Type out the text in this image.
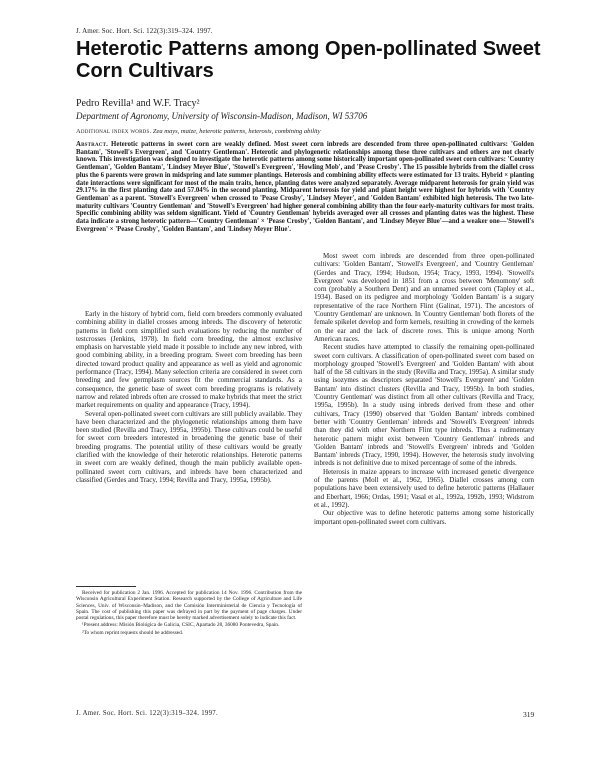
J. Amer. Soc. Hort. Sci. 122(3):319–324. 1997.
Heterotic Patterns among Open-pollinated Sweet Corn Cultivars
Pedro Revilla¹ and W.F. Tracy²
Department of Agronomy, University of Wisconsin-Madison, Madison, WI 53706
Additional index words. Zea mays, maize, heterotic patterns, heterosis, combining ability
Abstract. Heterotic patterns in sweet corn are weakly defined. Most sweet corn inbreds are descended from three open-pollinated cultivars: 'Golden Bantam', 'Stowell's Evergreen', and 'Country Gentleman'. Heterotic and phylogenetic relationships among these three cultivars and others are not clearly known. This investigation was designed to investigate the heterotic patterns among some historically important open-pollinated sweet corn cultivars: 'Country Gentleman', 'Golden Bantam', 'Lindsey Meyer Blue', 'Stowell's Evergreen', 'Howling Mob', and 'Pease Crosby'. The 15 possible hybrids from the diallel cross plus the 6 parents were grown in midspring and late summer plantings. Heterosis and combining ability effects were estimated for 13 traits. Hybrid × planting date interactions were significant for most of the main traits, hence, planting dates were analyzed separately. Average midparent heterosis for grain yield was 29.17% in the first planting date and 57.04% in the second planting. Midparent heterosis for yield and plant height were highest for hybrids with 'Country Gentleman' as a parent. 'Stowell's Evergreen' when crossed to 'Pease Crosby', 'Lindsey Meyer', and 'Golden Bantam' exhibited high heterosis. The two late-maturity cultivars 'Country Gentleman' and 'Stowell's Evergreen' had higher general combining ability than the four early-maturity cultivars for most traits. Specific combining ability was seldom significant. Yield of 'Country Gentleman' hybrids averaged over all crosses and planting dates was the highest. These data indicate a strong heterotic pattern—'Country Gentleman' × 'Pease Crosby', 'Golden Bantam', and 'Lindsey Meyer Blue'—and a weaker one—'Stowell's Evergreen' × 'Pease Crosby', 'Golden Bantam', and 'Lindsey Meyer Blue'.

Early in the history of hybrid corn, field corn breeders commonly evaluated combining ability in diallel crosses among inbreds. The discovery of heterotic patterns in field corn simplified such evaluations by reducing the number of testcrosses (Jenkins, 1978). In field corn breeding, the almost exclusive emphasis on harvestable yield made it possible to include any new inbred, with good combining ability, in a breeding program. Sweet corn breeding has been directed toward product quality and appearance as well as yield and agronomic performance (Tracy, 1994). Many selection criteria are considered in sweet corn breeding and few germplasm sources fit the commercial standards. As a consequence, the genetic base of sweet corn breeding programs is relatively narrow and related inbreds often are crossed to make hybrids that meet the strict market requirements on quality and appearance (Tracy, 1994).

Several open-pollinated sweet corn cultivars are still publicly available. They have been characterized and the phylogenetic relationships among them have been studied (Revilla and Tracy, 1995a, 1995b). These cultivars could be useful for sweet corn breeders interested in broadening the genetic base of their breeding programs. The potential utility of these cultivars would be greatly clarified with the knowledge of their heterotic relationships. Heterotic patterns in sweet corn are weakly defined, though the main publicly available open-pollinated sweet corn cultivars, and inbreds have been characterized and classified (Gerdes and Tracy, 1994; Revilla and Tracy, 1995a, 1995b).

Received for publication 2 Jan. 1996. Accepted for publication 14 Nov. 1996. Contribution from the Wisconsin Agricultural Experiment Station. Research supported by the College of Agriculture and Life Sciences, Univ. of Wisconsin–Madison, and the Comisión Interministerial de Ciencia y Tecnología of Spain. The cost of publishing this paper was defrayed in part by the payment of page charges. Under postal regulations, this paper therefore must be hereby marked advertisement solely to indicate this fact.

¹Present address: Misión Biológica de Galicia, CSIC, Apartado 28, 36080 Pontevedra, Spain.

²To whom reprint requests should be addressed.

Most sweet corn inbreds are descended from three open-pollinated cultivars: 'Golden Bantam', 'Stowell's Evergreen', and 'Country Gentleman' (Gerdes and Tracy, 1994; Hudson, 1954; Tracy, 1993, 1994). 'Stowell's Evergreen' was developed in 1851 from a cross between 'Menomony' soft corn (probably a Southern Dent) and an unnamed sweet corn (Tapley et al., 1934). Based on its pedigree and morphology 'Golden Bantam' is a sugary representative of the race Northern Flint (Galinat, 1971). The ancestors of 'Country Gentleman' are unknown. In 'Country Gentleman' both florets of the female spikelet develop and form kernels, resulting in crowding of the kernels on the ear and the lack of discrete rows. This is unique among North American races.

Recent studies have attempted to classify the remaining open-pollinated sweet corn cultivars. A classification of open-pollinated sweet corn based on morphology grouped 'Stowell's Evergreen' and 'Golden Bantam' with about half of the 58 cultivars in the study (Revilla and Tracy, 1995a). A similar study using isozymes as descriptors separated 'Stowell's Evergreen' and 'Golden Bantam' into distinct clusters (Revilla and Tracy, 1995b). In both studies, 'Country Gentleman' was distinct from all other cultivars (Revilla and Tracy, 1995a, 1995b). In a study using inbreds derived from these and other cultivars, Tracy (1990) observed that 'Golden Bantam' inbreds combined better with 'Country Gentleman' inbreds and 'Stowell's Evergreen' inbreds than they did with other Northern Flint type inbreds. Thus a rudimentary heterotic pattern might exist between 'Country Gentleman' inbreds and 'Golden Bantam' inbreds and 'Stowell's Evergreen' inbreds and 'Golden Bantam' inbreds (Tracy, 1990, 1994). However, the heterosis study involving inbreds is not definitive due to mixed percentage of some of the inbreds.

Heterosis in maize appears to increase with increased genetic divergence of the parents (Moll et al., 1962, 1965). Diallel crosses among corn populations have been extensively used to define heterotic patterns (Hallauer and Eberhart, 1966; Ordas, 1991; Vasal et al., 1992a, 1992b, 1993; Widstrom et al., 1992).

Our objective was to define heterotic patterns among some historically important open-pollinated sweet corn cultivars.

J. Amer. Soc. Hort. Sci. 122(3):319–324. 1997.	319
